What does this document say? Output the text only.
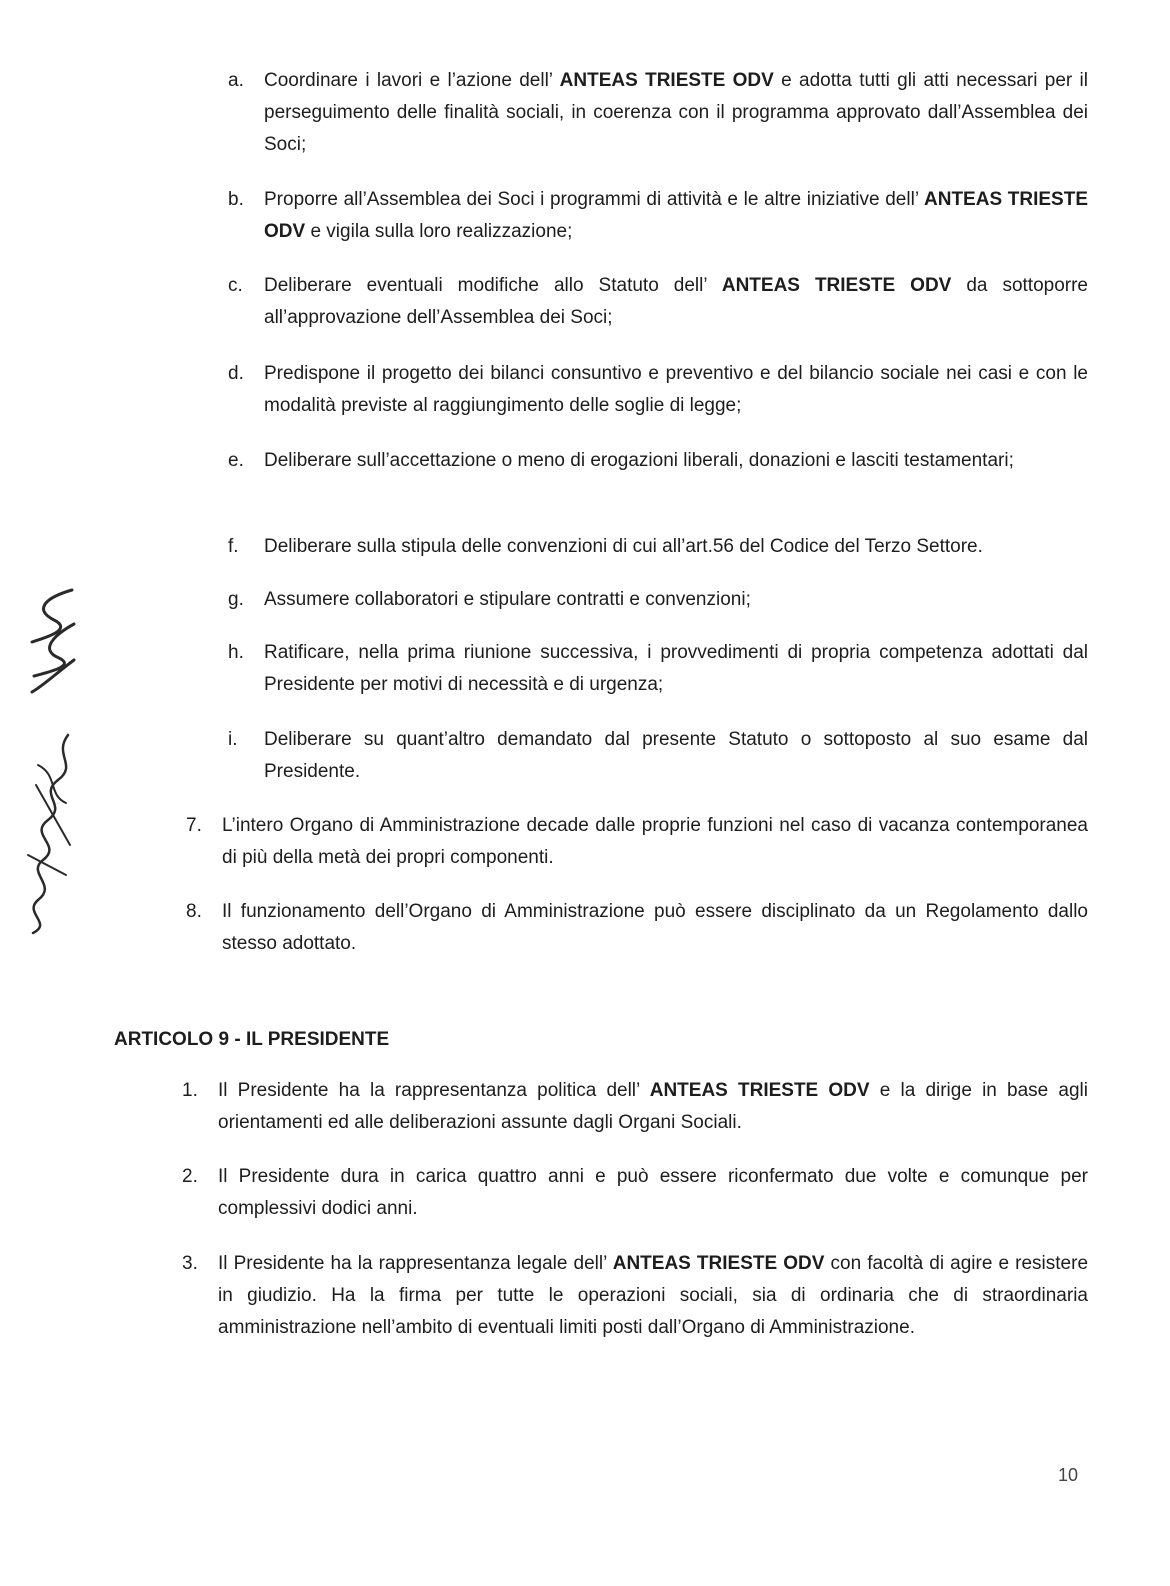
a. Coordinare i lavori e l’azione dell’ ANTEAS TRIESTE ODV e adotta tutti gli atti necessari per il perseguimento delle finalità sociali, in coerenza con il programma approvato dall’Assemblea dei Soci;
b. Proporre all’Assemblea dei Soci i programmi di attività e le altre iniziative dell’ ANTEAS TRIESTE ODV e vigila sulla loro realizzazione;
c. Deliberare eventuali modifiche allo Statuto dell’ ANTEAS TRIESTE ODV da sottoporre all’approvazione dell’Assemblea dei Soci;
d. Predispone il progetto dei bilanci consuntivo e preventivo e del bilancio sociale nei casi e con le modalità previste al raggiungimento delle soglie di legge;
e. Deliberare sull’accettazione o meno di erogazioni liberali, donazioni e lasciti testamentari;
f. Deliberare sulla stipula delle convenzioni di cui all’art.56 del Codice del Terzo Settore.
g. Assumere collaboratori e stipulare contratti e convenzioni;
h. Ratificare, nella prima riunione successiva, i provvedimenti di propria competenza adottati dal Presidente per motivi di necessità e di urgenza;
i. Deliberare su quant’altro demandato dal presente Statuto o sottoposto al suo esame dal Presidente.
7. L’intero Organo di Amministrazione decade dalle proprie funzioni nel caso di vacanza contemporanea di più della metà dei propri componenti.
8. Il funzionamento dell’Organo di Amministrazione può essere disciplinato da un Regolamento dallo stesso adottato.
ARTICOLO 9 - IL PRESIDENTE
1. Il Presidente ha la rappresentanza politica dell’ ANTEAS TRIESTE ODV e la dirige in base agli orientamenti ed alle deliberazioni assunte dagli Organi Sociali.
2. Il Presidente dura in carica quattro anni e può essere riconfermato due volte e comunque per complessivi dodici anni.
3. Il Presidente ha la rappresentanza legale dell’ ANTEAS TRIESTE ODV con facoltà di agire e resistere in giudizio. Ha la firma per tutte le operazioni sociali, sia di ordinaria che di straordinaria amministrazione nell’ambito di eventuali limiti posti dall’Organo di Amministrazione.
10
